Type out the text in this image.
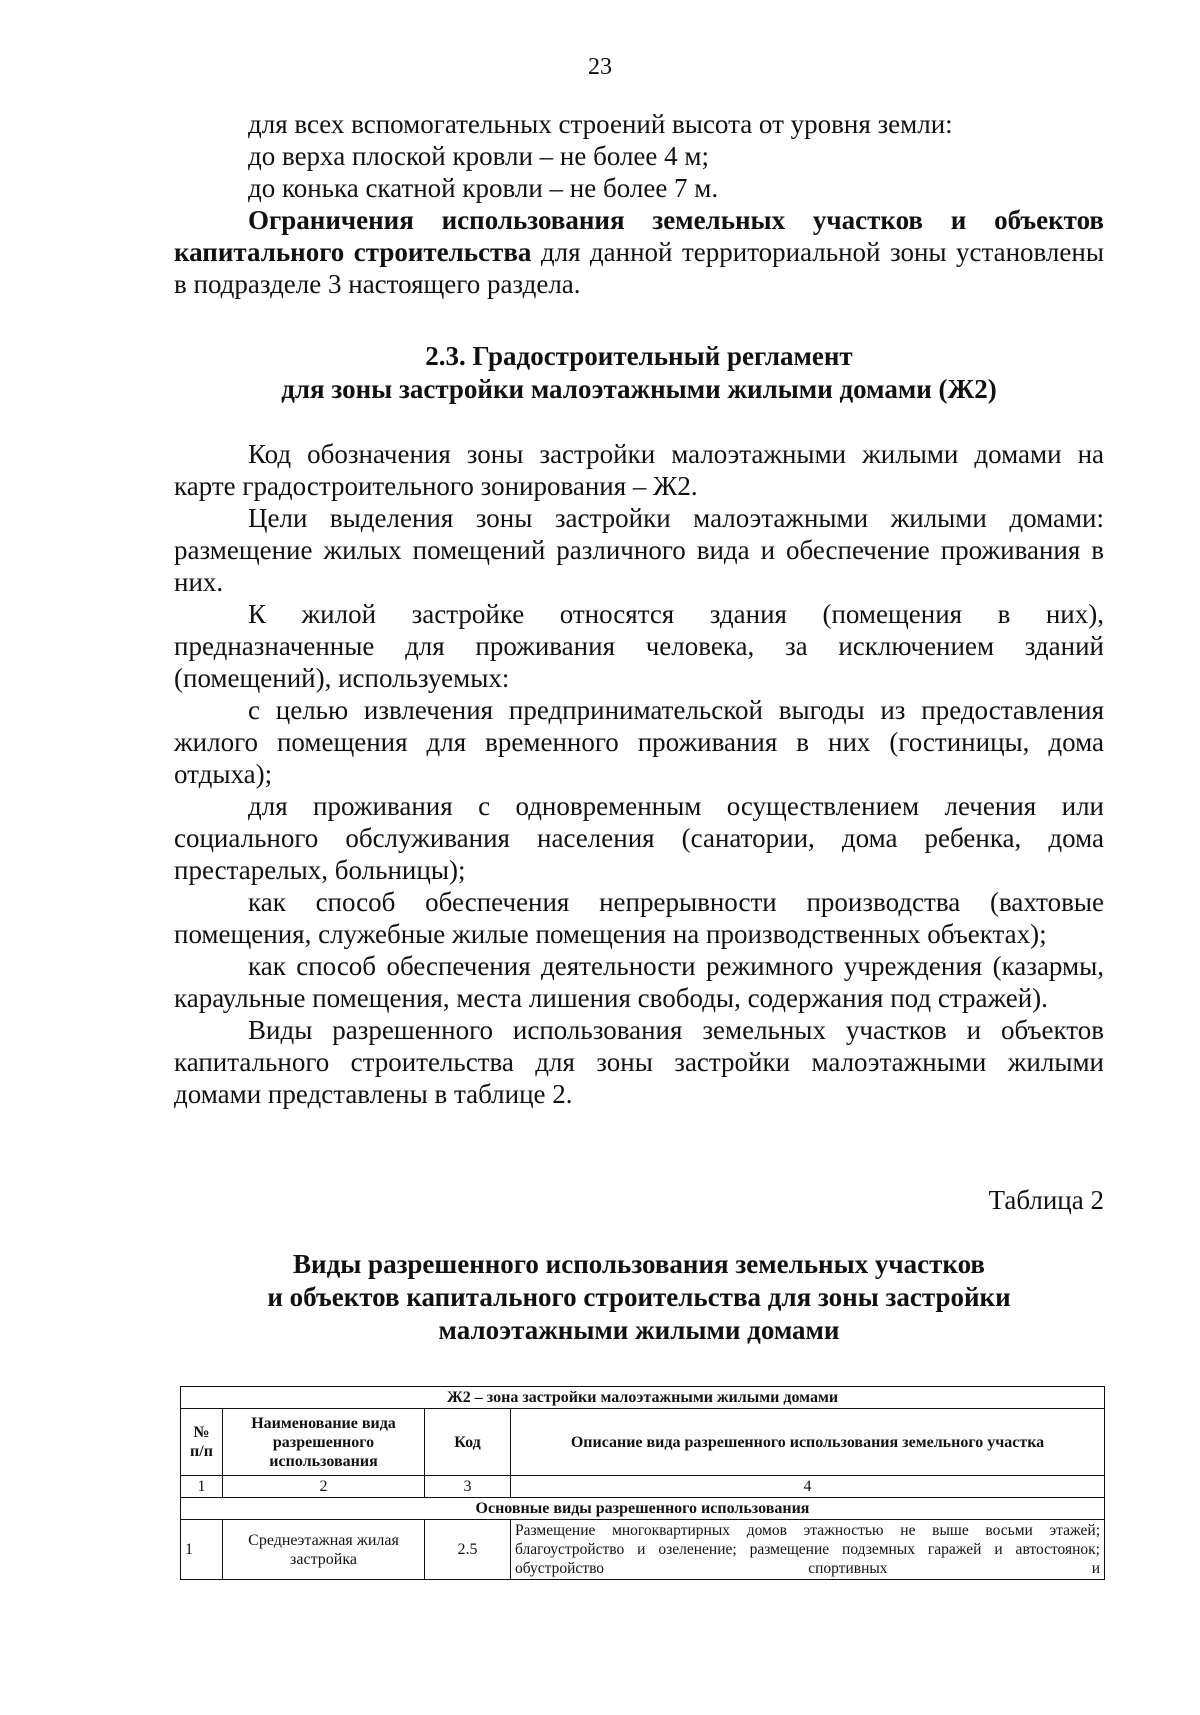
23

для всех вспомогательных строений высота от уровня земли:

до верха плоской кровли – не более 4 м;

до конька скатной кровли – не более 7 м.

Ограничения использования земельных участков и объектов капитального строительства для данной территориальной зоны установлены в подразделе 3 настоящего раздела.

2.3. Градостроительный регламент
для зоны застройки малоэтажными жилыми домами (Ж2)

Код обозначения зоны застройки малоэтажными жилыми домами на карте градостроительного зонирования – Ж2.

Цели выделения зоны застройки малоэтажными жилыми домами: размещение жилых помещений различного вида и обеспечение проживания в них.

К жилой застройке относятся здания (помещения в них), предназначенные для проживания человека, за исключением зданий (помещений), используемых:

с целью извлечения предпринимательской выгоды из предоставления жилого помещения для временного проживания в них (гостиницы, дома отдыха);

для проживания с одновременным осуществлением лечения или социального обслуживания населения (санатории, дома ребенка, дома престарелых, больницы);

как способ обеспечения непрерывности производства (вахтовые помещения, служебные жилые помещения на производственных объектах);

как способ обеспечения деятельности режимного учреждения (казармы, караульные помещения, места лишения свободы, содержания под стражей).

Виды разрешенного использования земельных участков и объектов капитального строительства для зоны застройки малоэтажными жилыми домами представлены в таблице 2.

Таблица 2
Виды разрешенного использования земельных участков
и объектов капитального строительства для зоны застройки
малоэтажными жилыми домами
Ж2 – зона застройки малоэтажными жилыми домами			
№ п/п	Наименование вида разрешенного использования	Код	Описание вида разрешенного использования земельного участка
1	2	3	4
Основные виды разрешенного использования			
1	Среднеэтажная жилая застройка	2.5	Размещение многоквартирных домов этажностью не выше восьми этажей; благоустройство и озеленение; размещение подземных гаражей и автостоянок; обустройство спортивных и
